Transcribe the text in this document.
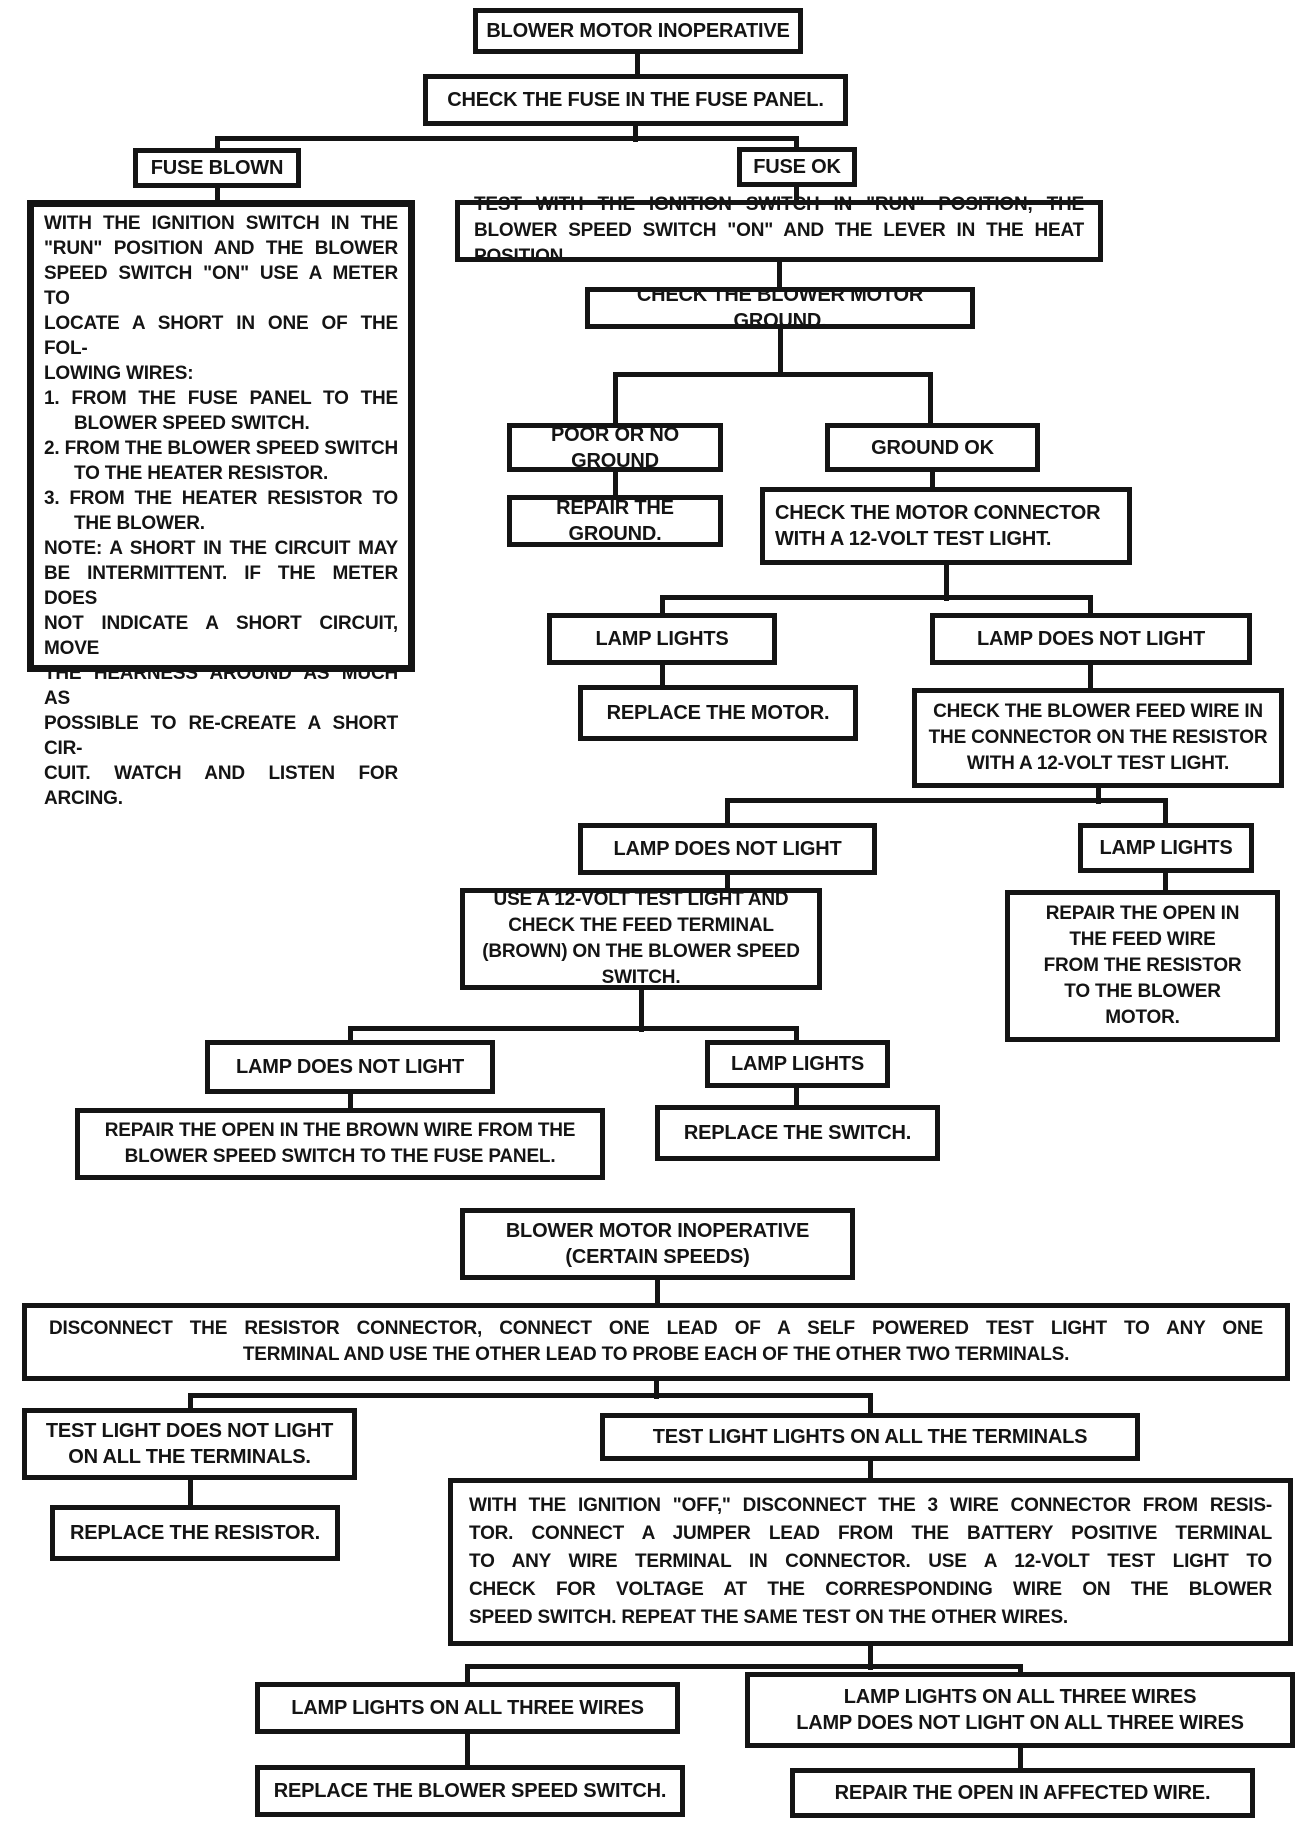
BLOWER MOTOR INOPERATIVE
CHECK THE FUSE IN THE FUSE PANEL.
FUSE BLOWN	FUSE OK
WITH THE IGNITION SWITCH IN THE
"RUN" POSITION AND THE BLOWER
SPEED SWITCH "ON" USE A METER TO
LOCATE A SHORT IN ONE OF THE FOL-
LOWING WIRES:
1. FROM THE FUSE PANEL TO THE
BLOWER SPEED SWITCH.
2. FROM THE BLOWER SPEED SWITCH
TO THE HEATER RESISTOR.
3. FROM THE HEATER RESISTOR TO
THE BLOWER.
NOTE: A SHORT IN THE CIRCUIT MAY
BE INTERMITTENT. IF THE METER DOES
NOT INDICATE A SHORT CIRCUIT, MOVE
THE HEARNESS AROUND AS MUCH AS
POSSIBLE TO RE-CREATE A SHORT CIR-
CUIT. WATCH AND LISTEN FOR
ARCING.
TEST WITH THE IGNITION SWITCH IN "RUN" POSITION, THE
BLOWER SPEED SWITCH "ON" AND THE LEVER IN THE HEAT POSITION.
CHECK THE BLOWER MOTOR GROUND.
POOR OR NO GROUND
GROUND OK
REPAIR THE GROUND.
CHECK THE MOTOR CONNECTOR WITH A 12-VOLT TEST LIGHT.
LAMP LIGHTS	LAMP DOES NOT LIGHT
REPLACE THE MOTOR.	CHECK THE BLOWER FEED WIRE IN THE CONNECTOR ON THE RESISTOR WITH A 12-VOLT TEST LIGHT.
LAMP DOES NOT LIGHT	LAMP LIGHTS
USE A 12-VOLT TEST LIGHT AND CHECK THE FEED TERMINAL (BROWN) ON THE BLOWER SPEED SWITCH.
REPAIR THE OPEN IN THE FEED WIRE FROM THE RESISTOR TO THE BLOWER MOTOR.
LAMP DOES NOT LIGHT	LAMP LIGHTS
REPAIR THE OPEN IN THE BROWN WIRE FROM THE BLOWER SPEED SWITCH TO THE FUSE PANEL.
REPLACE THE SWITCH.
BLOWER MOTOR INOPERATIVE
(CERTAIN SPEEDS)
DISCONNECT THE RESISTOR CONNECTOR, CONNECT ONE LEAD OF A SELF POWERED TEST LIGHT TO ANY ONE
TERMINAL AND USE THE OTHER LEAD TO PROBE EACH OF THE OTHER TWO TERMINALS.
TEST LIGHT DOES NOT LIGHT
ON ALL THE TERMINALS.
TEST LIGHT LIGHTS ON ALL THE TERMINALS
REPLACE THE RESISTOR.
WITH THE IGNITION "OFF," DISCONNECT THE 3 WIRE CONNECTOR FROM RESIS-
TOR. CONNECT A JUMPER LEAD FROM THE BATTERY POSITIVE TERMINAL
TO ANY WIRE TERMINAL IN CONNECTOR. USE A 12-VOLT TEST LIGHT TO
CHECK FOR VOLTAGE AT THE CORRESPONDING WIRE ON THE BLOWER
SPEED SWITCH. REPEAT THE SAME TEST ON THE OTHER WIRES.
LAMP LIGHTS ON ALL THREE WIRES	LAMP LIGHTS ON ALL THREE WIRES
LAMP DOES NOT LIGHT ON ALL THREE WIRES
REPLACE THE BLOWER SPEED SWITCH.	REPAIR THE OPEN IN AFFECTED WIRE.
